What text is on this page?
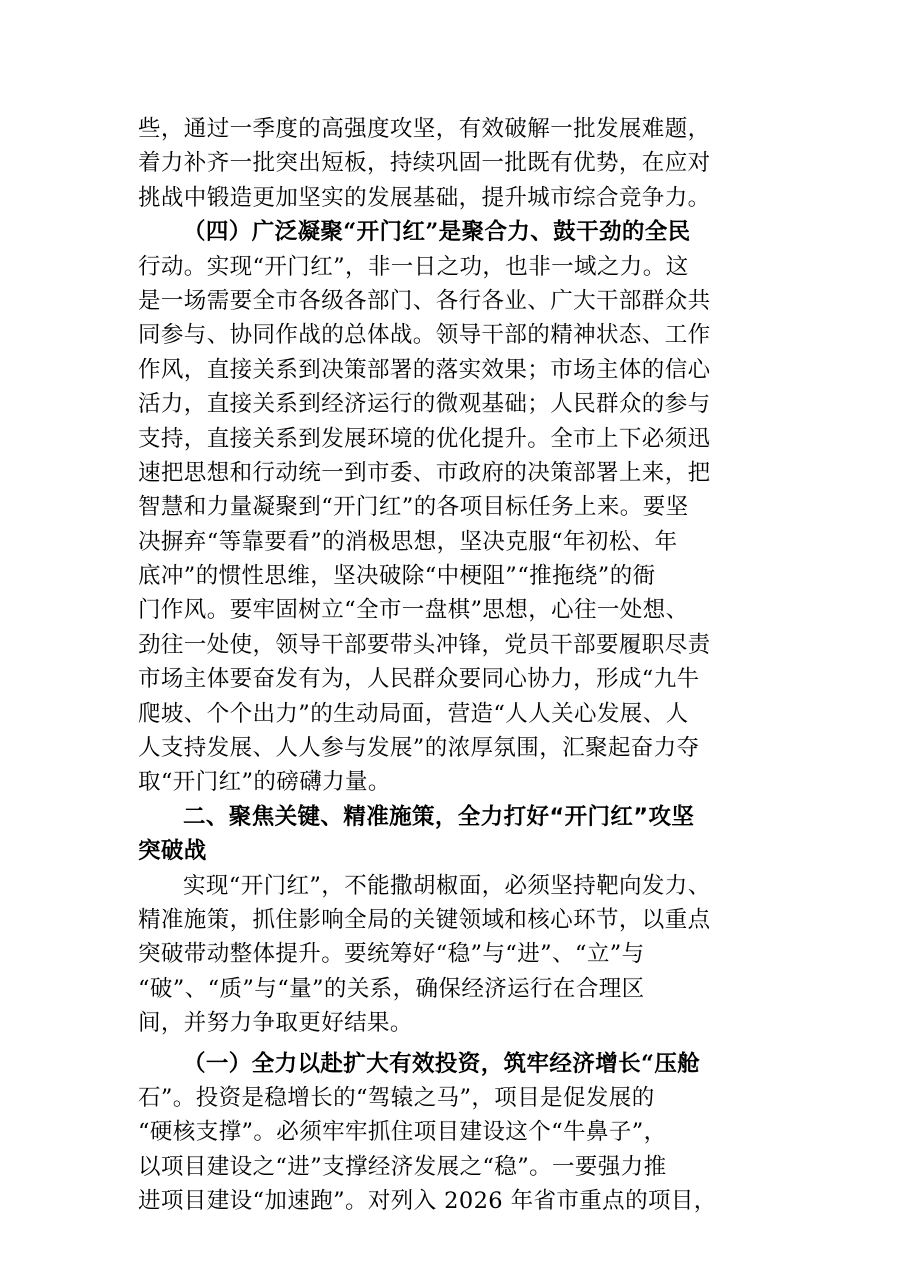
些，通过一季度的高强度攻坚，有效破解一批发展难题，
着力补齐一批突出短板，持续巩固一批既有优势，在应对
挑战中锻造更加坚实的发展基础，提升城市综合竞争力。
（四）广泛凝聚“开门红”是聚合力、鼓干劲的全民
行动。实现“开门红”，非一日之功，也非一域之力。这
是一场需要全市各级各部门、各行各业、广大干部群众共
同参与、协同作战的总体战。领导干部的精神状态、工作
作风，直接关系到决策部署的落实效果；市场主体的信心
活力，直接关系到经济运行的微观基础；人民群众的参与
支持，直接关系到发展环境的优化提升。全市上下必须迅
速把思想和行动统一到市委、市政府的决策部署上来，把
智慧和力量凝聚到“开门红”的各项目标任务上来。要坚
决摒弃“等靠要看”的消极思想，坚决克服“年初松、年
底冲”的惯性思维，坚决破除“中梗阻”“推拖绕”的衙
门作风。要牢固树立“全市一盘棋”思想，心往一处想、
劲往一处使，领导干部要带头冲锋，党员干部要履职尽责
市场主体要奋发有为，人民群众要同心协力，形成“九牛
爬坡、个个出力”的生动局面，营造“人人关心发展、人
人支持发展、人人参与发展”的浓厚氛围，汇聚起奋力夺
取“开门红”的磅礴力量。
二、聚焦关键、精准施策，全力打好“开门红”攻坚
突破战
实现“开门红”，不能撒胡椒面，必须坚持靶向发力、
精准施策，抓住影响全局的关键领域和核心环节，以重点
突破带动整体提升。要统筹好“稳”与“进”、“立”与
“破”、“质”与“量”的关系，确保经济运行在合理区
间，并努力争取更好结果。
（一）全力以赴扩大有效投资，筑牢经济增长“压舱
石”。投资是稳增长的“驾辕之马”，项目是促发展的
“硬核支撑”。必须牢牢抓住项目建设这个“牛鼻子”，
以项目建设之“进”支撑经济发展之“稳”。一要强力推
进项目建设“加速跑”。对列入 2026 年省市重点的项目，
